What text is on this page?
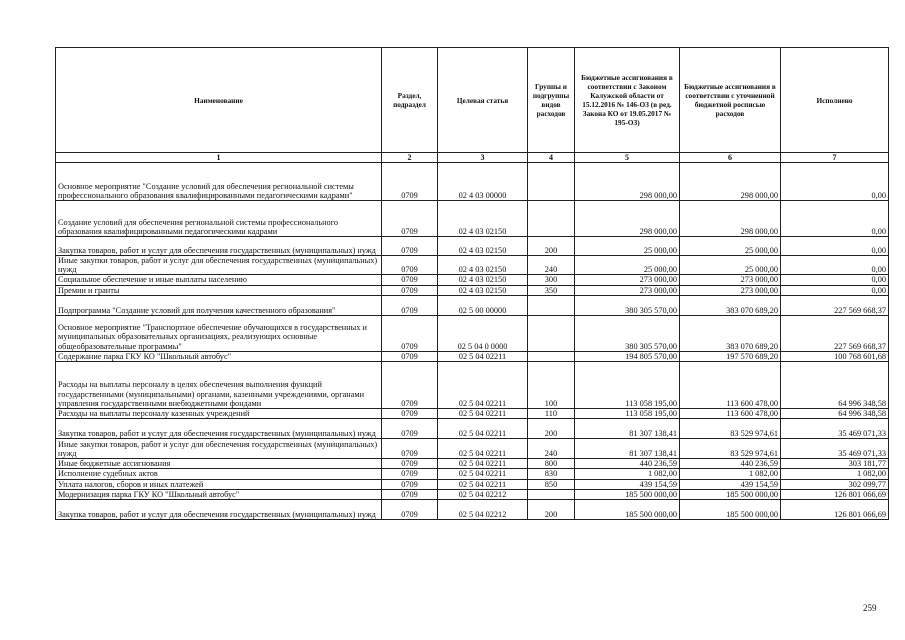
Наименование	Раздел, подраздел	Целевая статья	Группы и подгруппы видов расходов	Бюджетные ассигнования в соответствии с Законом Калужской области от 15.12.2016 № 146-ОЗ (в ред. Закона КО от 19.05.2017 № 195-ОЗ)	Бюджетные ассигнования в соответствии с уточненной бюджетной росписью расходов	Исполнено
1	2	3	4	5	6	7
Основное мероприятие "Создание условий для обеспечения региональной системы профессионального образования квалифицированными педагогическими кадрами"	0709	02 4 03 00000		298 000,00	298 000,00	0,00
Создание условий для обеспечения региональной системы профессионального образования квалифицированными педагогическими кадрами	0709	02 4 03 02150		298 000,00	298 000,00	0,00
Закупка товаров, работ и услуг для обеспечения государственных (муниципальных) нужд	0709	02 4 03 02150	200	25 000,00	25 000,00	0,00
Иные закупки товаров, работ и услуг для обеспечения государственных (муниципальных) нужд	0709	02 4 03 02150	240	25 000,00	25 000,00	0,00
Социальное обеспечение и иные выплаты населению	0709	02 4 03 02150	300	273 000,00	273 000,00	0,00
Премии и гранты	0709	02 4 03 02150	350	273 000,00	273 000,00	0,00
Подпрограмма "Создание условий для получения качественного образования"	0709	02 5 00 00000		380 305 570,00	383 070 689,20	227 569 668,37
Основное мероприятие "Транспортное обеспечение обучающихся в государственных и муниципальных образовательных организациях, реализующих основные общеобразовательные программы"	0709	02 5 04 0 0000		380 305 570,00	383 070 689,20	227 569 668,37
Содержание парка ГКУ КО "Школьный автобус"	0709	02 5 04 02211		194 805 570,00	197 570 689,20	100 768 601,68
Расходы на выплаты персоналу в целях обеспечения выполнения функций государственными (муниципальными) органами, казенными учреждениями, органами управления государственными внебюджетными фондами	0709	02 5 04 02211	100	113 058 195,00	113 600 478,00	64 996 348,58
Расходы на выплаты персоналу казенных учреждений	0709	02 5 04 02211	110	113 058 195,00	113 600 478,00	64 996 348,58
Закупка товаров, работ и услуг для обеспечения государственных (муниципальных) нужд	0709	02 5 04 02211	200	81 307 138,41	83 529 974,61	35 469 071,33
Иные закупки товаров, работ и услуг для обеспечения государственных (муниципальных) нужд	0709	02 5 04 02211	240	81 307 138,41	83 529 974,61	35 469 071,33
Иные бюджетные ассигнования	0709	02 5 04 02211	800	440 236,59	440 236,59	303 181,77
Исполнение судебных актов	0709	02 5 04 02211	830	1 082,00	1 082,00	1 082,00
Уплата налогов, сборов и иных платежей	0709	02 5 04 02211	850	439 154,59	439 154,59	302 099,77
Модернизация парка ГКУ КО "Школьный автобус"	0709	02 5 04 02212		185 500 000,00	185 500 000,00	126 801 066,69
Закупка товаров, работ и услуг для обеспечения государственных (муниципальных) нужд	0709	02 5 04 02212	200	185 500 000,00	185 500 000,00	126 801 066,69
259
